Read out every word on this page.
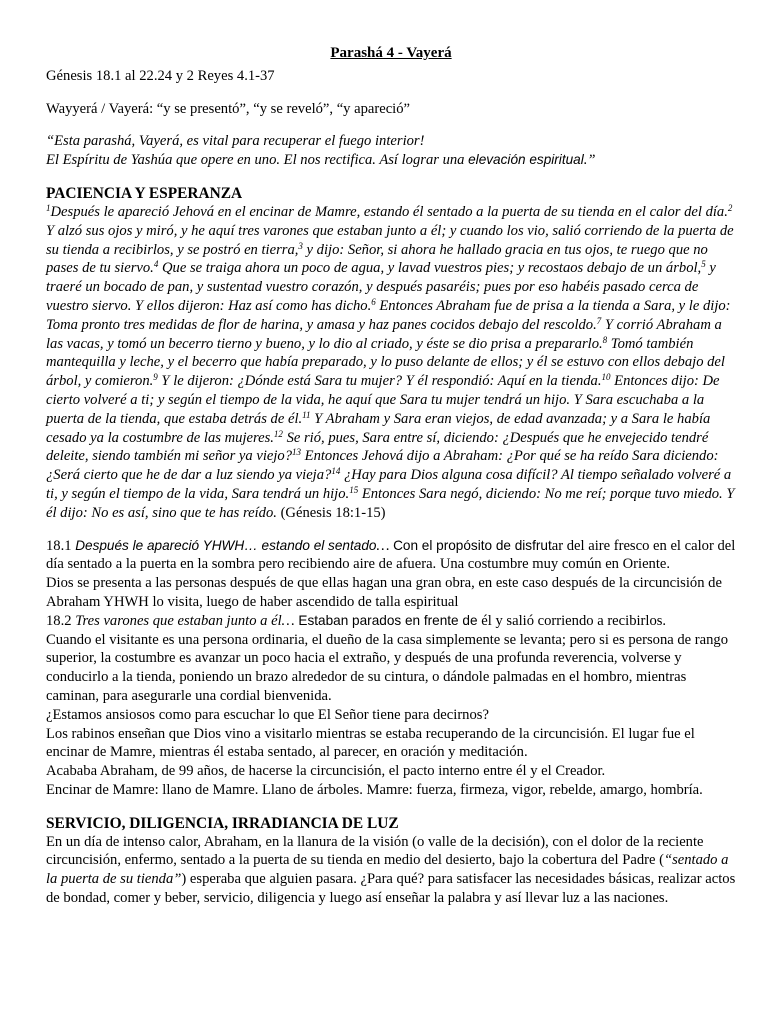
Parashá 4 - Vayerá

Génesis 18.1 al 22.24 y 2 Reyes 4.1-37

Wayyerá / Vayerá: “y se presentó”, “y se reveló”, “y apareció”

“Esta parashá, Vayerá, es vital para recuperar el fuego interior!

El Espíritu de Yashúa que opere en uno. El nos rectifica. Así lograr una elevación espiritual.”

PACIENCIA Y ESPERANZA

$^1$Después le apareció Jehová en el encinar de Mamre, estando él sentado a la puerta de su tienda en el calor del día.$^2$ Y alzó sus ojos y miró, y he aquí tres varones que estaban junto a él; y cuando los vio, salió corriendo de la puerta de su tienda a recibirlos, y se postró en tierra,$^3$ y dijo: Señor, si ahora he hallado gracia en tus ojos, te ruego que no pases de tu siervo.$^4$ Que se traiga ahora un poco de agua, y lavad vuestros pies; y recostaos debajo de un árbol,$^5$ y traeré un bocado de pan, y sustentad vuestro corazón, y después pasaréis; pues por eso habéis pasado cerca de vuestro siervo. Y ellos dijeron: Haz así como has dicho.$^6$ Entonces Abraham fue de prisa a la tienda a Sara, y le dijo: Toma pronto tres medidas de flor de harina, y amasa y haz panes cocidos debajo del rescoldo.$^7$ Y corrió Abraham a las vacas, y tomó un becerro tierno y bueno, y lo dio al criado, y éste se dio prisa a prepararlo.$^8$ Tomó también mantequilla y leche, y el becerro que había preparado, y lo puso delante de ellos; y él se estuvo con ellos debajo del árbol, y comieron.$^9$ Y le dijeron: ¿Dónde está Sara tu mujer? Y él respondió: Aquí en la tienda.$^{10}$ Entonces dijo: De cierto volveré a ti; y según el tiempo de la vida, he aquí que Sara tu mujer tendrá un hijo. Y Sara escuchaba a la puerta de la tienda, que estaba detrás de él.$^{11}$ Y Abraham y Sara eran viejos, de edad avanzada; y a Sara le había cesado ya la costumbre de las mujeres.$^{12}$ Se rió, pues, Sara entre sí, diciendo: ¿Después que he envejecido tendré deleite, siendo también mi señor ya viejo?$^{13}$ Entonces Jehová dijo a Abraham: ¿Por qué se ha reído Sara diciendo: ¿Será cierto que he de dar a luz siendo ya vieja?$^{14}$ ¿Hay para Dios alguna cosa difícil? Al tiempo señalado volveré a ti, y según el tiempo de la vida, Sara tendrá un hijo.$^{15}$ Entonces Sara negó, diciendo: No me reí; porque tuvo miedo. Y él dijo: No es así, sino que te has reído. (Génesis 18:1-15)

18.1 Después le apareció YHWH… estando el sentado… Con el propósito de disfrutar del aire fresco en el calor del día sentado a la puerta en la sombra pero recibiendo aire de afuera. Una costumbre muy común en Oriente.

Dios se presenta a las personas después de que ellas hagan una gran obra, en este caso después de la circuncisión de Abraham YHWH lo visita, luego de haber ascendido de talla espiritual

18.2 Tres varones que estaban junto a él… Estaban parados en frente de él y salió corriendo a recibirlos.

Cuando el visitante es una persona ordinaria, el dueño de la casa simplemente se levanta; pero si es persona de rango superior, la costumbre es avanzar un poco hacia el extraño, y después de una profunda reverencia, volverse y conducirlo a la tienda, poniendo un brazo alrededor de su cintura, o dándole palmadas en el hombro, mientras caminan, para asegurarle una cordial bienvenida.

¿Estamos ansiosos como para escuchar lo que El Señor tiene para decirnos?

Los rabinos enseñan que Dios vino a visitarlo mientras se estaba recuperando de la circuncisión. El lugar fue el encinar de Mamre, mientras él estaba sentado, al parecer, en oración y meditación.

Acababa Abraham, de 99 años, de hacerse la circuncisión, el pacto interno entre él y el Creador.

Encinar de Mamre: llano de Mamre. Llano de árboles. Mamre: fuerza, firmeza, vigor, rebelde, amargo, hombría.

SERVICIO, DILIGENCIA, IRRADIANCIA DE LUZ

En un día de intenso calor, Abraham, en la llanura de la visión (o valle de la decisión), con el dolor de la reciente circuncisión, enfermo, sentado a la puerta de su tienda en medio del desierto, bajo la cobertura del Padre (“sentado a la puerta de su tienda”) esperaba que alguien pasara. ¿Para qué? para satisfacer las necesidades básicas, realizar actos de bondad, comer y beber, servicio, diligencia y luego así enseñar la palabra y así llevar luz a las naciones.
